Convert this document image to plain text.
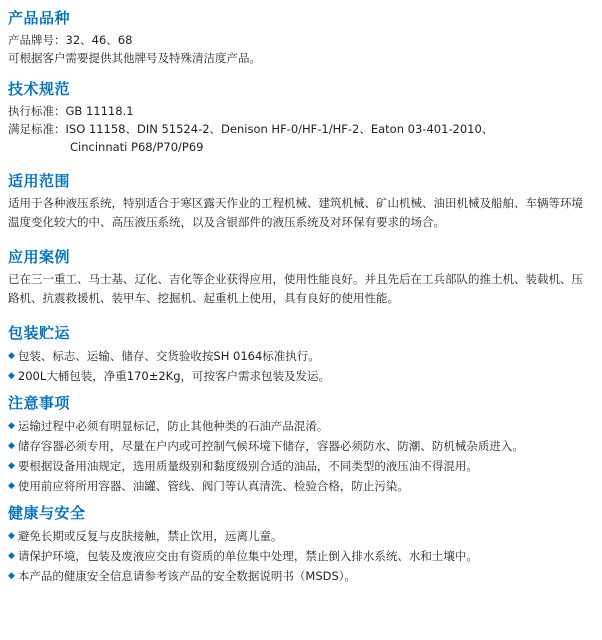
产品品种
产品牌号：32、46、68
可根据客户需要提供其他牌号及特殊清洁度产品。
技术规范
执行标准：GB 11118.1
满足标准：ISO 11158、DIN 51524-2、Denison HF-0/HF-1/HF-2、Eaton 03-401-2010、
Cincinnati P68/P70/P69
适用范围
适用于各种液压系统，特别适合于寒区露天作业的工程机械、建筑机械、矿山机械、油田机械及船舶、车辆等环境温度变化较大的中、高压液压系统，以及含银部件的液压系统及对环保有要求的场合。
应用案例
已在三一重工、马士基、辽化、吉化等企业获得应用，使用性能良好。并且先后在工兵部队的推土机、装载机、压路机、抗震救援机、装甲车、挖掘机、起重机上使用，具有良好的使用性能。
包装贮运
◆ 包装、标志、运输、储存、交货验收按SH 0164标准执行。
◆ 200L大桶包装，净重170±2Kg，可按客户需求包装及发运。
注意事项
◆ 运输过程中必须有明显标记，防止其他种类的石油产品混淆。
◆ 储存容器必须专用，尽量在户内或可控制气候环境下储存，容器必须防水、防潮、防机械杂质进入。
◆ 要根据设备用油规定，选用质量级别和黏度级别合适的油品，不同类型的液压油不得混用。
◆ 使用前应将所用容器、油罐、管线、阀门等认真清洗、检验合格，防止污染。
健康与安全
◆ 避免长期或反复与皮肤接触，禁止饮用，远离儿童。
◆ 请保护环境，包装及废液应交由有资质的单位集中处理，禁止倒入排水系统、水和土壤中。
◆ 本产品的健康安全信息请参考该产品的安全数据说明书（MSDS）。
